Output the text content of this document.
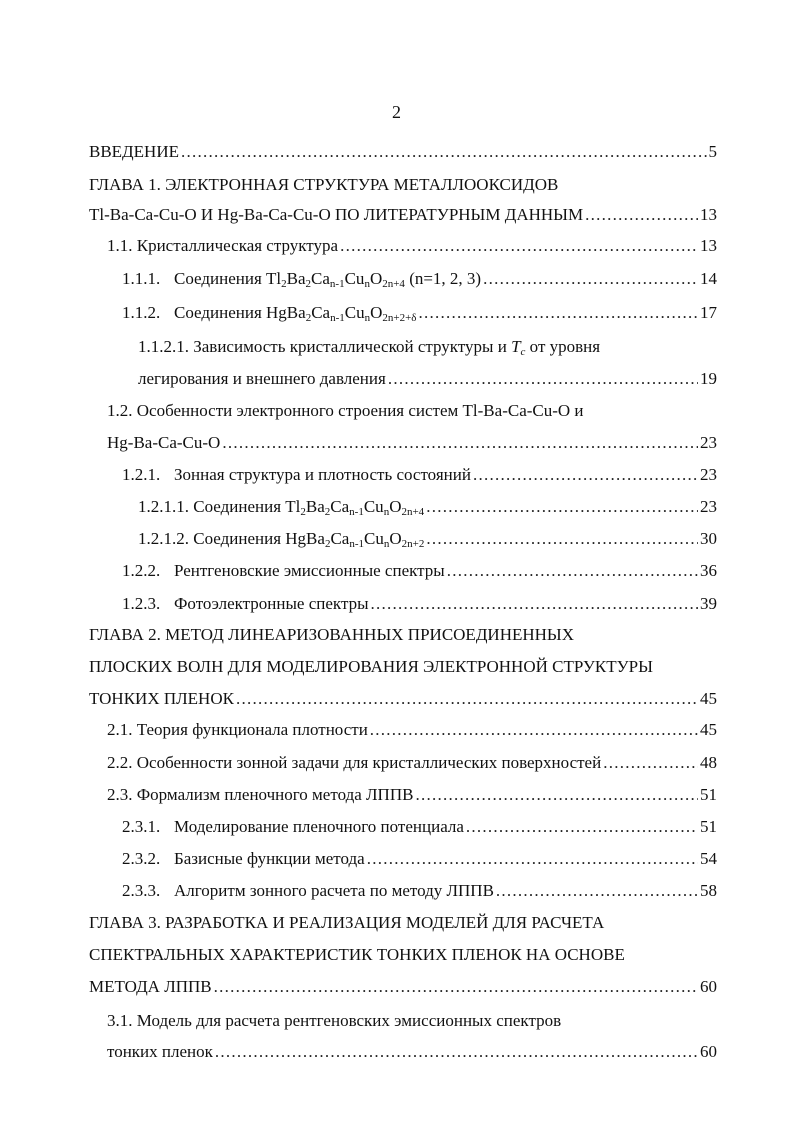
2
ВВЕДЕНИЕ . . .	5
ГЛАВА 1. ЭЛЕКТРОННАЯ СТРУКТУРА МЕТАЛЛООКСИДОВ
Tl-Ba-Ca-Cu-O И Hg-Ba-Ca-Cu-O ПО ЛИТЕРАТУРНЫМ ДАННЫМ . . .	13
1.1. Кристаллическая структура . . .	13
1.1.1. Соединения $Tl_2Ba_2Ca_{n-1}Cu_nO_{2n+4}$ (n=1, 2, 3) . . .	14
1.1.2. Соединения $HgBa_2Ca_{n-1}Cu_nO_{2n+2+\delta}$ . . .	17
1.1.2.1. Зависимость кристаллической структуры и $T_c$ от уровня
легирования и внешнего давления . . .	19
1.2. Особенности электронного строения систем Tl-Ba-Ca-Cu-O и
Hg-Ba-Ca-Cu-O . . .	23
1.2.1. Зонная структура и плотность состояний . . .	23
1.2.1.1. Соединения $Tl_2Ba_2Ca_{n-1}Cu_nO_{2n+4}$ . . .	23
1.2.1.2. Соединения $HgBa_2Ca_{n-1}Cu_nO_{2n+2}$ . . .	30
1.2.2. Рентгеновские эмиссионные спектры . . .	36
1.2.3. Фотоэлектронные спектры . . .	39
ГЛАВА 2. МЕТОД ЛИНЕАРИЗОВАННЫХ ПРИСОЕДИНЕННЫХ
ПЛОСКИХ ВОЛН ДЛЯ МОДЕЛИРОВАНИЯ ЭЛЕКТРОННОЙ СТРУКТУРЫ
ТОНКИХ ПЛЕНОК . . .	45
2.1. Теория функционала плотности . . .	45
2.2. Особенности зонной задачи для кристаллических поверхностей . . .	48
2.3. Формализм пленочного метода ЛППВ . . .	51
2.3.1. Моделирование пленочного потенциала . . .	51
2.3.2. Базисные функции метода . . .	54
2.3.3. Алгоритм зонного расчета по методу ЛППВ . . .	58
ГЛАВА 3. РАЗРАБОТКА И РЕАЛИЗАЦИЯ МОДЕЛЕЙ ДЛЯ РАСЧЕТА
СПЕКТРАЛЬНЫХ ХАРАКТЕРИСТИК ТОНКИХ ПЛЕНОК НА ОСНОВЕ
МЕТОДА ЛППВ . . .	60
3.1. Модель для расчета рентгеновских эмиссионных спектров
тонких пленок . . .	60
